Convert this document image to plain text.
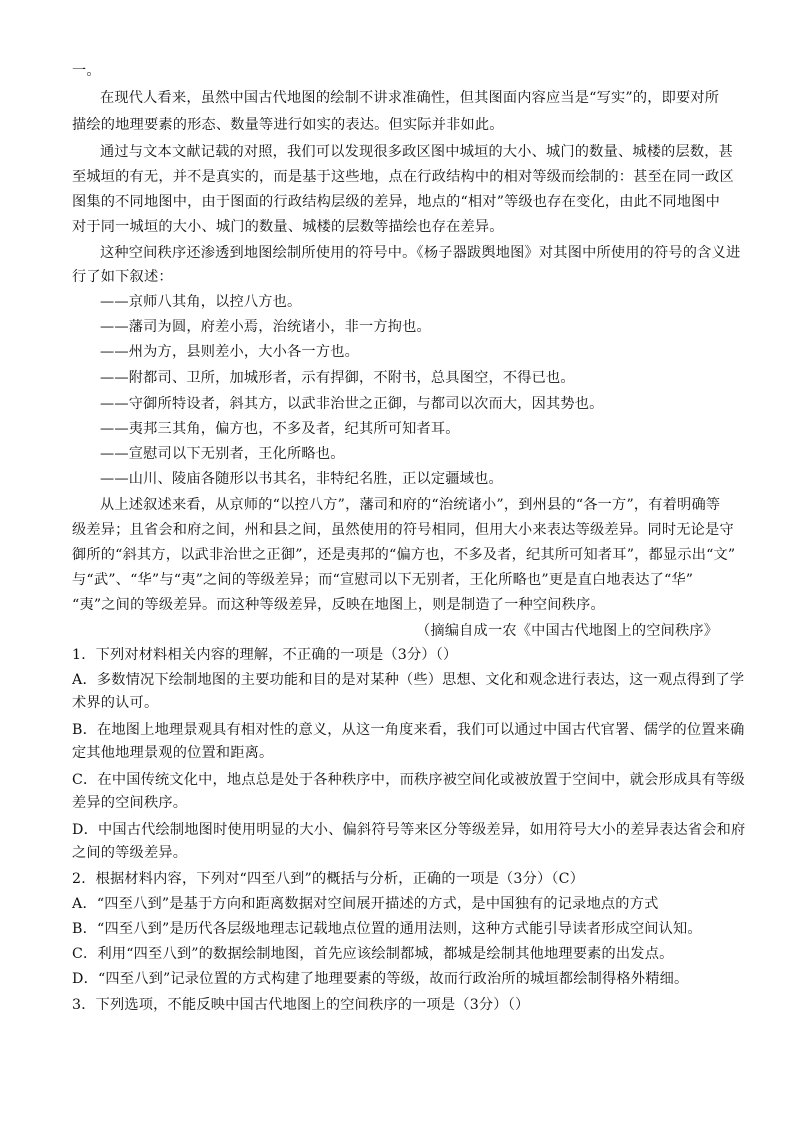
一。
在现代人看来，虽然中国古代地图的绘制不讲求准确性，但其图面内容应当是“写实”的，即要对所
描绘的地理要素的形态、数量等进行如实的表达。但实际并非如此。
通过与文本文献记载的对照，我们可以发现很多政区图中城垣的大小、城门的数量、城楼的层数，甚
至城垣的有无，并不是真实的，而是基于这些地，点在行政结构中的相对等级而绘制的：甚至在同一政区
图集的不同地图中，由于图面的行政结构层级的差异，地点的“相对”等级也存在变化，由此不同地图中
对于同一城垣的大小、城门的数量、城楼的层数等描绘也存在差异。
这种空间秩序还渗透到地图绘制所使用的符号中。《杨子器跋舆地图》对其图中所使用的符号的含义进
行了如下叙述：
——京师八其角，以控八方也。
——藩司为圆，府差小焉，治统诸小，非一方拘也。
——州为方，县则差小，大小各一方也。
——附都司、卫所，加城形者，示有捍御，不附书，总具图空，不得已也。
——守御所特设者，斜其方，以武非治世之正御，与都司以次而大，因其势也。
——夷邦三其角，偏方也，不多及者，纪其所可知者耳。
——宣慰司以下无别者，王化所略也。
——山川、陵庙各随形以书其名，非特纪名胜，正以定疆域也。
从上述叙述来看，从京师的“以控八方”，藩司和府的“治统诸小”，到州县的“各一方”，有着明确等
级差异；且省会和府之间，州和县之间，虽然使用的符号相同，但用大小来表达等级差异。同时无论是守
御所的“斜其方，以武非治世之正御”，还是夷邦的“偏方也，不多及者，纪其所可知者耳”，都显示出“文”
与“武”、“华”与“夷”之间的等级差异；而“宣慰司以下无别者，王化所略也”更是直白地表达了“华”
“夷”之间的等级差异。而这种等级差异，反映在地图上，则是制造了一种空间秩序。
（摘编自成一农《中国古代地图上的空间秩序》
1．下列对材料相关内容的理解，不正确的一项是（3分）（）
A．多数情况下绘制地图的主要功能和目的是对某种（些）思想、文化和观念进行表达，这一观点得到了学
术界的认可。
B．在地图上地理景观具有相对性的意义，从这一角度来看，我们可以通过中国古代官署、儒学的位置来确
定其他地理景观的位置和距离。
C．在中国传统文化中，地点总是处于各种秩序中，而秩序被空间化或被放置于空间中，就会形成具有等级
差异的空间秩序。
D．中国古代绘制地图时使用明显的大小、偏斜符号等来区分等级差异，如用符号大小的差异表达省会和府
之间的等级差异。
2．根据材料内容，下列对“四至八到”的概括与分析，正确的一项是（3分）（C）
A．“四至八到”是基于方向和距离数据对空间展开描述的方式，是中国独有的记录地点的方式
B．“四至八到”是历代各层级地理志记载地点位置的通用法则，这种方式能引导读者形成空间认知。
C．利用“四至八到”的数据绘制地图，首先应该绘制都城，都城是绘制其他地理要素的出发点。
D．“四至八到”记录位置的方式构建了地理要素的等级，故而行政治所的城垣都绘制得格外精细。
3．下列选项，不能反映中国古代地图上的空间秩序的一项是（3分）（）
